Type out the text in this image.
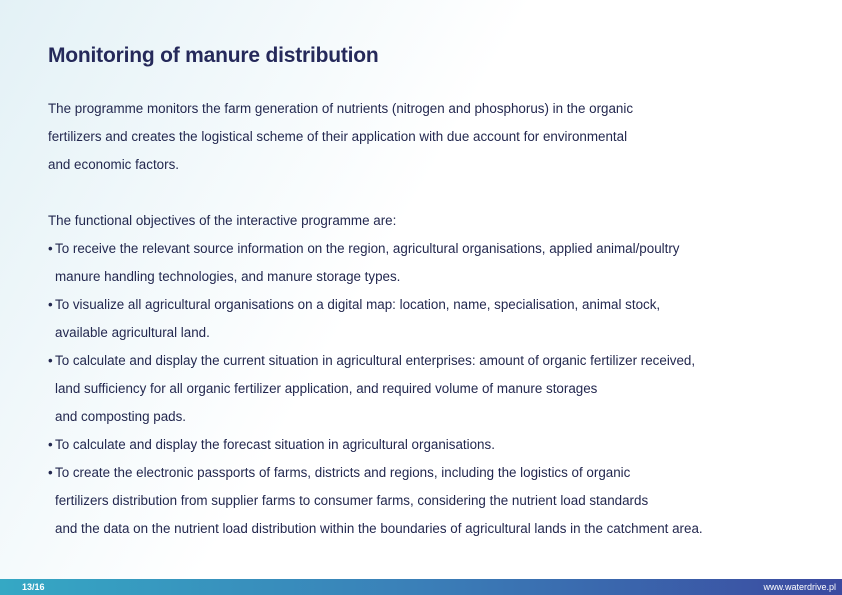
Monitoring of manure distribution

The programme monitors the farm generation of nutrients (nitrogen and phosphorus) in the organic
fertilizers and creates the logistical scheme of their application with due account for environmental
and economic factors.

The functional objectives of the interactive programme are:

• To receive the relevant source information on the region, agricultural organisations, applied animal/poultry
manure handling technologies, and manure storage types.
• To visualize all agricultural organisations on a digital map: location, name, specialisation, animal stock,
available agricultural land.
• To calculate and display the current situation in agricultural enterprises: amount of organic fertilizer received,
land sufficiency for all organic fertilizer application, and required volume of manure storages
and composting pads.
• To calculate and display the forecast situation in agricultural organisations.
• To create the electronic passports of farms, districts and regions, including the logistics of organic
fertilizers distribution from supplier farms to consumer farms, considering the nutrient load standards
and the data on the nutrient load distribution within the boundaries of agricultural lands in the catchment area.
13/16	www.waterdrive.pl
